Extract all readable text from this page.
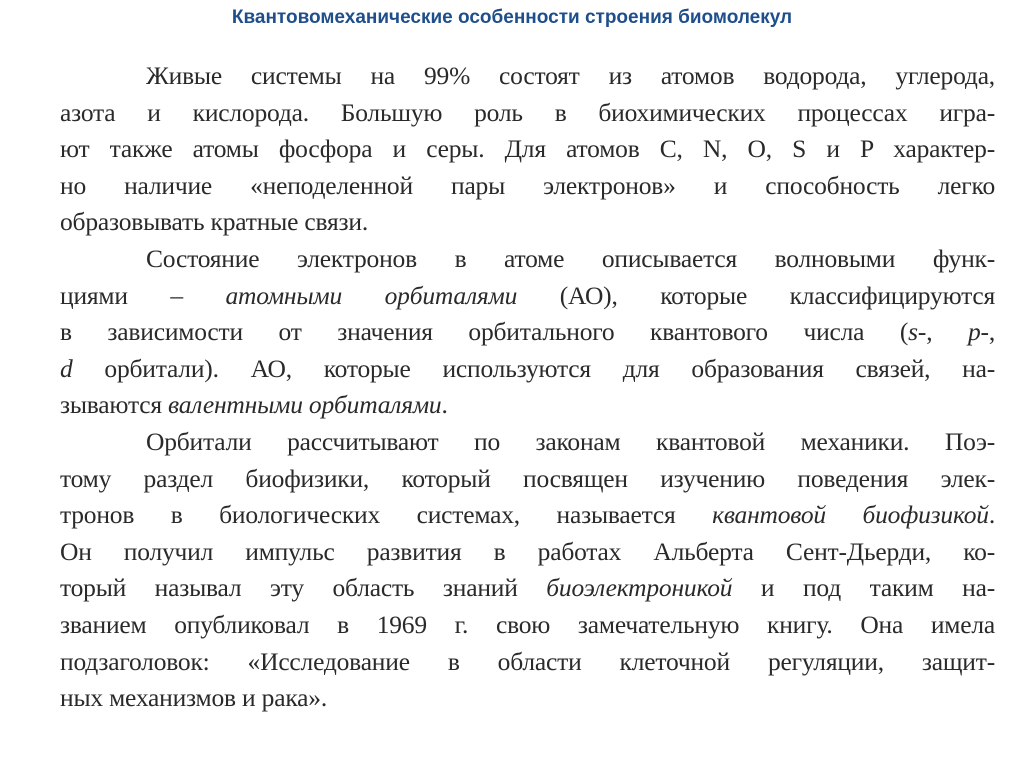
Квантовомеханические особенности строения биомолекул
Живые системы на 99% состоят из атомов водорода, углерода,
азота и кислорода. Большую роль в биохимических процессах игра-
ют также атомы фосфора и серы. Для атомов C, N, O, S и P характер-
но наличие «неподеленной пары электронов» и способность легко
образовывать кратные связи.
Состояние электронов в атоме описывается волновыми функ-
циями – атомными орбиталями (АО), которые классифицируются
в зависимости от значения орбитального квантового числа (s-, p-,
d орбитали). АО, которые используются для образования связей, на-
зываются валентными орбиталями.
Орбитали рассчитывают по законам квантовой механики. Поэ-
тому раздел биофизики, который посвящен изучению поведения элек-
тронов в биологических системах, называется квантовой биофизикой.
Он получил импульс развития в работах Альберта Сент-Дьерди, ко-
торый называл эту область знаний биоэлектроникой и под таким на-
званием опубликовал в 1969 г. свою замечательную книгу. Она имела
подзаголовок: «Исследование в области клеточной регуляции, защит-
ных механизмов и рака».
